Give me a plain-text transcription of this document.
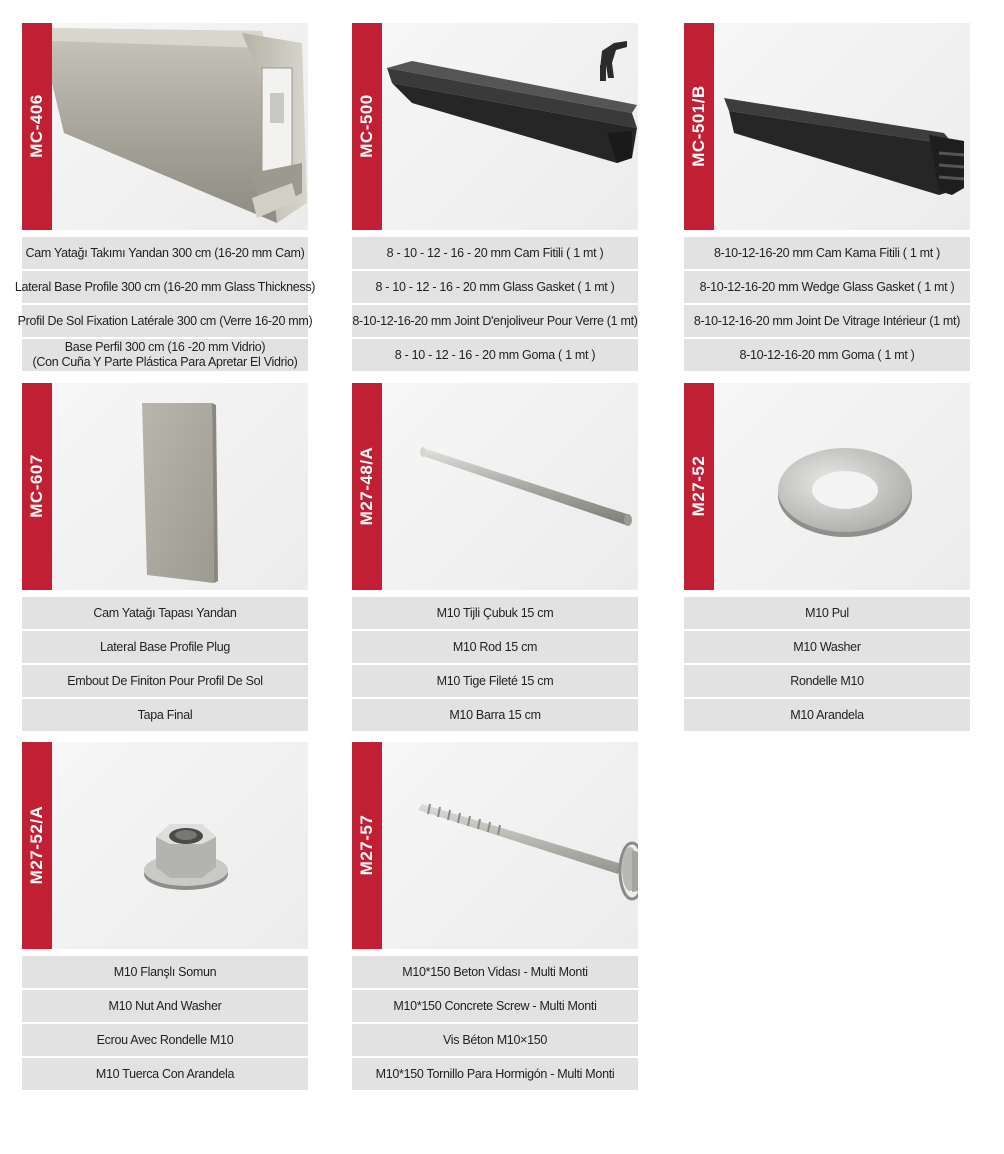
MC-406
Cam Yatağı Takımı Yandan 300 cm (16-20 mm Cam)
Lateral Base Profile 300 cm (16-20 mm Glass Thickness)
Profil De Sol Fixation Latérale 300 cm (Verre 16-20 mm)
Base Perfil 300 cm (16 -20 mm Vidrio)
(Con Cuña Y Parte Plástica Para Apretar El Vidrio)
MC-500
8 - 10 - 12 - 16 - 20 mm Cam Fitili ( 1 mt )
8 - 10 - 12 - 16 - 20 mm Glass Gasket ( 1 mt )
8-10-12-16-20 mm Joint D'enjoliveur Pour Verre (1 mt)
8 - 10 - 12 - 16 - 20 mm Goma ( 1 mt )
MC-501/B
8-10-12-16-20 mm Cam Kama Fitili ( 1 mt )
8-10-12-16-20 mm Wedge Glass Gasket ( 1 mt )
8-10-12-16-20 mm Joint De Vitrage Intérieur (1 mt)
8-10-12-16-20 mm Goma ( 1 mt )
MC-607
Cam Yatağı Tapası Yandan
Lateral Base Profile Plug
Embout De Finiton Pour Profil De Sol
Tapa Final
M27-48/A
M10 Tijli Çubuk 15 cm
M10 Rod 15 cm
M10 Tige Fileté 15 cm
M10 Barra 15 cm
M27-52
M10 Pul
M10 Washer
Rondelle M10
M10 Arandela
M27-52/A
M10 Flanşlı Somun
M10 Nut And Washer
Ecrou Avec Rondelle M10
M10 Tuerca Con Arandela
M27-57
M10*150 Beton Vidası - Multi Monti
M10*150 Concrete Screw - Multi Monti
Vis Béton M10×150
M10*150 Tornillo Para Hormigón - Multi Monti
